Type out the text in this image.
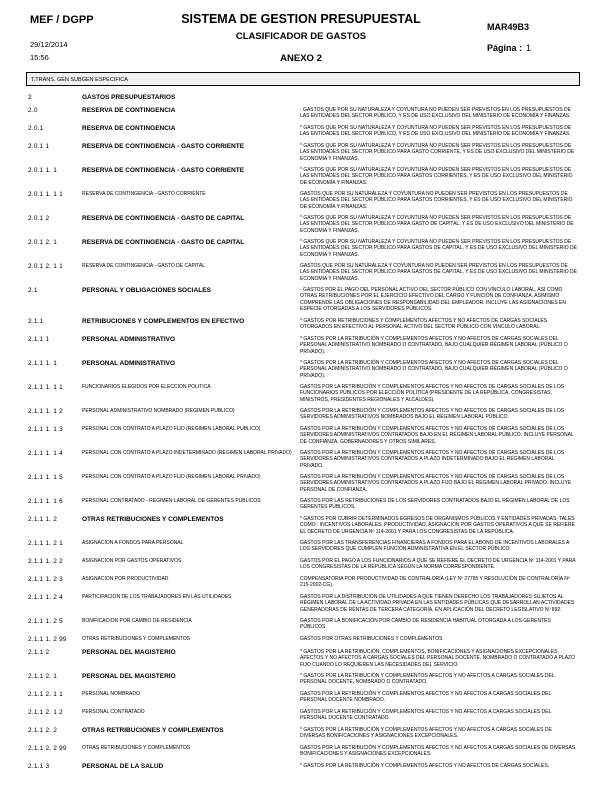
MEF / DGPP
29/12/2014
15:56
SISTEMA DE GESTION PRESUPUESTAL
CLASIFICADOR DE GASTOS
ANEXO 2
MAR49B3
Página : 1
T.TRANS. GEN SUBGEN ESPECIFICA
2	GASTOS PRESUPUESTARIOS
2.0	RESERVA DE CONTINGENCIA	- GASTOS QUE POR SU NATURALEZA Y COYUNTURA NO PUEDEN SER PREVISTOS EN LOS PRESUPUESTOS DE LAS ENTIDADES DEL SECTOR PÚBLICO, Y ES DE USO EXCLUSIVO DEL MINISTERIO DE ECONOMÍA Y FINANZAS.
2.0.1	RESERVA DE CONTINGENCIA	* GASTOS QUE POR SU NATURALEZA Y COYUNTURA NO PUEDEN SER PREVISTOS EN LOS PRESUPUESTOS DE LAS ENTIDADES DEL SECTOR PÚBLICO, Y ES DE USO EXCLUSIVO DEL MINISTERIO DE ECONOMÍA Y FINANZAS.
2.0.1 1	RESERVA DE CONTINGENCIA - GASTO CORRIENTE	* GASTOS QUE POR SU NATURALEZA Y COYUNTURA NO PUEDEN SER PREVISTOS EN LOS PRESUPUESTOS DE LAS ENTIDADES DEL SECTOR PÚBLICO PARA GASTO CORRIENTE, Y ES DE USO EXCLUSIVO DEL MINISTERIO DE ECONOMÍA Y FINANZAS.
2.0.1 1. 1	RESERVA DE CONTINGENCIA - GASTO CORRIENTE	* GASTOS QUE POR SU NATURALEZA Y COYUNTURA NO PUEDEN SER PREVISTOS EN LOS PRESUPUESTOS DE LAS ENTIDADES DEL SECTOR PÚBLICO PARA GASTOS CORRIENTES, Y ES DE USO EXCLUSIVO DEL MINISTERIO DE ECONOMÍA Y FINANZAS.
2.0.1 1. 1 1	RESERVA DE CONTINGENCIA - GASTO CORRIENTE	GASTOS QUE POR SU NATURALEZA Y COYUNTURA NO PUEDEN SER PREVISTOS EN LOS PRESUPUESTOS DE LAS ENTIDADES DEL SECTOR PÚBLICO PARA GASTOS CORRIENTES, Y ES DE USO EXCLUSIVO DEL MINISTERIO DE ECONOMÍA Y FINANZAS.
2.0.1 2	RESERVA DE CONTINGENCIA - GASTO DE CAPITAL	* GASTOS QUE POR SU NATURALEZA Y COYUNTURA NO PUEDEN SER PREVISTOS EN LOS PRESUPUESTOS DE LAS ENTIDADES DEL SECTOR PÚBLICO PARA GASTO DE CAPITAL, Y ES DE USO EXCLUSIVO DEL MINISTERIO DE ECONOMÍA Y FINANZAS.
2.0.1 2. 1	RESERVA DE CONTINGENCIA - GASTO DE CAPITAL	* GASTOS QUE POR SU NATURALEZA Y COYUNTURA NO PUEDEN SER PREVISTOS EN LOS PRESUPUESTOS DE LAS ENTIDADES DEL SECTOR PÚBLICO PARA GASTOS DE CAPITAL, Y ES DE USO EXCLUSIVO DEL MINISTERIO DE ECONOMÍA Y FINANZAS.
2.0.1 2. 1 1	RESERVA DE CONTINGENCIA - GASTO DE CAPITAL	GASTOS QUE POR SU NATURALEZA Y COYUNTURA NO PUEDEN SER PREVISTOS EN LOS PRESUPUESTOS DE LAS ENTIDADES DEL SECTOR PÚBLICO PARA GASTOS DE CAPITAL, Y ES DE USO EXCLUSIVO DEL MINISTERIO DE ECONOMÍA Y FINANZAS.
2.1	PERSONAL Y OBLIGACIONES SOCIALES	- GASTOS POR EL PAGO DEL PERSONAL ACTIVO DEL SECTOR PÚBLICO CON VÍNCULO LABORAL, ASÍ COMO OTRAS RETRIBUCIONES POR EL EJERCICIO EFECTIVO DEL CARGO Y FUNCIÓN DE CONFIANZA. ASIMISMO COMPRENDE LAS OBLIGACIONES DE RESPONSABILIDAD DEL EMPLEADOR. INCLUYE LAS ASIGNACIONES EN ESPECIE OTORGADAS A LOS SERVIDORES PÚBLICOS.
2.1.1	RETRIBUCIONES Y COMPLEMENTOS EN EFECTIVO	* GASTOS POR RETRIBUCIONES Y COMPLEMENTOS AFECTOS Y NO AFECTOS DE CARGAS SOCIALES OTORGADOS EN EFECTIVO AL PERSONAL ACTIVO DEL SECTOR PÚBLICO CON VÍNCULO LABORAL.
2.1.1 1	PERSONAL ADMINISTRATIVO	* GASTOS POR LA RETRIBUCIÓN Y COMPLEMENTOS AFECTOS Y NO AFECTOS DE CARGAS SOCIALES DEL PERSONAL ADMINISTRATIVO NOMBRADO O CONTRATADO, BAJO CUALQUIER RÉGIMEN LABORAL (PÚBLICO O PRIVADO).
2.1.1 1. 1	PERSONAL ADMINISTRATIVO	* GASTOS POR LA RETRIBUCIÓN Y COMPLEMENTOS AFECTOS Y NO AFECTOS DE CARGAS SOCIALES DEL PERSONAL ADMINISTRATIVO NOMBRADO O CONTRATADO, BAJO CUALQUIER RÉGIMEN LABORAL (PÚBLICO O PRIVADO).
2.1.1 1. 1 1	FUNCIONARIOS ELEGIDOS POR ELECCION POLITICA	GASTOS POR LA RETRIBUCIÓN Y COMPLEMENTOS AFECTOS Y NO AFECTOS DE CARGAS SOCIALES DE LOS FUNCIONARIOS PÚBLICOS POR ELECCIÓN POLÍTICA (PRESIDENTE DE LA REPÚBLICA, CONGRESISTAS, MINISTROS, PRESIDENTES REGIONALES Y ALCALDES).
2.1.1 1. 1 2	PERSONAL ADMINISTRATIVO NOMBRADO (REGIMEN PUBLICO)	GASTOS POR LA RETRIBUCIÓN Y COMPLEMENTOS AFECTOS Y NO AFECTOS DE CARGAS SOCIALES DE LOS SERVIDORES ADMINISTRATIVOS NOMBRADOS BAJO EL RÉGIMEN LABORAL PÚBLICO.
2.1.1 1. 1 3	PERSONAL CON CONTRATO A PLAZO FIJO (REGIMEN LABORAL PUBLICO)	GASTOS POR LA RETRIBUCIÓN Y COMPLEMENTOS AFECTOS Y NO AFECTOS DE CARGAS SOCIALES DE LOS SERVIDORES ADMINISTRATIVOS CONTRATADOS BAJO EN EL RÉGIMEN LABORAL PÚBLICO. INCLUYE PERSONAL DE CONFIANZA, GOBERNADORES Y OTROS SIMILARES.
2.1.1 1. 1 4	PERSONAL CON CONTRATO A PLAZO INDETERMINADO (REGIMEN LABORAL PRIVADO)	GASTOS POR LA RETRIBUCIÓN Y COMPLEMENTOS AFECTOS Y NO AFECTOS DE CARGAS SOCIALES DE LOS SERVIDORES ADMINISTRATIVOS CONTRATADOS A PLAZO INDETERMINADO BAJO EL RÉGIMEN LABORAL PRIVADO.
2.1.1 1. 1 5	PERSONAL CON CONTRATO A PLAZO FIJO (REGIMEN LABORAL PRIVADO)	GASTOS POR LA RETRIBUCIÓN Y COMPLEMENTOS AFECTOS Y NO AFECTOS DE CARGAS SOCIALES DE LOS SERVIDORES ADMINISTRATIVOS CONTRATADOS A PLAZO FIJO BAJO EL RÉGIMEN LABORAL PRIVADO. INCLUYE PERSONAL DE CONFIANZA.
2.1.1 1. 1 6	PERSONAL CONTRATADO - REGIMEN LABORAL DE GERENTES PUBLICOS	GASTOS POR LAS RETRIBUCIONES DE LOS SERVIDORES CONTRATADOS BAJO EL RÉGIMEN LABORAL DE LOS GERENTES PÚBLICOS.
2.1.1 1. 2	OTRAS RETRIBUCIONES Y COMPLEMENTOS	* GASTOS POR CUBRIR DETERMINADOS EGRESOS DE ORGANISMOS PÚBLICOS Y ENTIDADES PRIVADAS, TALES COMO : INCENTIVOS LABORALES, PRODUCTIVIDAD, ASIGNACIÓN POR GASTOS OPERATIVOS A QUE SE REFIERE EL DECRETO DE URGENCIA Nº 114-2001 Y PARA LOS CONGRESISTAS DE LA REPÚBLICA.
2.1.1 1. 2 1	ASIGNACION A FONDOS PARA PERSONAL	GASTOS POR LAS TRANSFERENCIAS FINANCIERAS A FONDOS PARA EL ABONO DE INCENTIVOS LABORALES A LOS SERVIDORES QUE CUMPLEN FUNCIÓN ADMINISTRATIVA EN EL SECTOR PÚBLICO.
2.1.1 1. 2 2	ASIGNACION POR GASTOS OPERATIVOS	GASTOS POR EL PAGO A LOS FUNCIONARIOS A QUE SE REFIERE EL DECRETO DE URGENCIA Nº 114-2001 Y PARA LOS CONGRESISTAS DE LA REPÚBLICA SEGÚN LA NORMA CORRESPONDIENTE.
2.1.1 1. 2 3	ASIGNACION POR PRODUCTIVIDAD	COMPENSATORIA POR PRODUCTIVIDAD DE CONTRALORÍA (LEY Nº 27785 Y RESOLUCIÓN DE CONTRALORÍA Nº 215-2002-CG).
2.1.1 1. 2 4	PARTICIPACION DE LOS TRABAJADORES EN LAS UTILIDADES	GASTOS POR LA DISTRIBUCIÓN DE UTILIDADES A QUE TIENEN DERECHO LOS TRABAJADORES SUJETOS AL RÉGIMEN LABORAL DE LA ACTIVIDAD PRIVADA EN LAS ENTIDADES PÚBLICAS QUE DESARROLLAN ACTIVIDADES GENERADORAS DE RENTAS DE TERCERA CATEGORÍA, EN APLICACIÓN DEL DECRETO LEGISLATIVO Nº 892.
2.1.1 1. 2 5	BONIFICACION POR CAMBIO DE RESIDENCIA	GASTOS POR LA BONIFICACIÓN POR CAMBIO DE RESIDENCIA HABITUAL OTORGADA A LOS GERENTES PÚBLICOS.
2.1.1 1. 2 99	OTRAS RETRIBUCIONES Y COMPLEMENTOS	GASTOS POR OTRAS RETRIBUCIONES Y COMPLEMENTOS
2.1.1 2	PERSONAL DEL MAGISTERIO	* GASTOS POR LA RETRIBUCIÓN, COMPLEMENTOS, BONIFICACIONES Y ASIGNACIONES EXCEPCIONALES, AFECTOS Y NO AFECTOS A CARGAS SOCIALES DEL PERSONAL DOCENTE, NOMBRADO O CONTRATADO A PLAZO FIJO CUANDO LO REQUIEREN LAS NECESIDADES DEL SERVICIO.
2.1.1 2. 1	PERSONAL DEL MAGISTERIO	* GASTOS POR LA RETRIBUCIÓN Y COMPLEMENTOS AFECTOS Y NO AFECTOS A CARGAS SOCIALES DEL PERSONAL DOCENTE, NOMBRADO O CONTRATADO.
2.1.1 2. 1 1	PERSONAL NOMBRADO	GASTOS POR LA RETRIBUCIÓN Y COMPLEMENTOS AFECTOS Y NO AFECTOS A CARGAS SOCIALES DEL PERSONAL DOCENTE NOMBRADO.
2.1.1 2. 1 2	PERSONAL CONTRATADO	GASTOS POR LA RETRIBUCIÓN Y COMPLEMENTOS AFECTOS Y NO AFECTOS A CARGAS SOCIALES DEL PERSONAL DOCENTE CONTRATADO.
2.1.1 2. 2	OTRAS RETRIBUCIONES Y COMPLEMENTOS	* GASTOS POR LA RETRIBUCIÓN Y COMPLEMENTOS AFECTOS Y NO AFECTOS A CARGAS SOCIALES DE DIVERSAS BONIFICACIONES Y ASIGNACIONES EXCEPCIONALES.
2.1.1 2. 2 99	OTRAS RETRIBUCIONES Y COMPLEMENTOS	GASTOS POR LA RETRIBUCIÓN Y COMPLEMENTOS AFECTOS Y NO AFECTOS A CARGAS SOCIALES DE DIVERSAS BONIFICACIONES Y ASIGNACIONES EXCEPCIONALES.
2.1.1 3	PERSONAL DE LA SALUD	* GASTOS POR LA RETRIBUCIÓN Y COMPLEMENTOS AFECTOS Y NO AFECTOS DE CARGAS SOCIALES,
